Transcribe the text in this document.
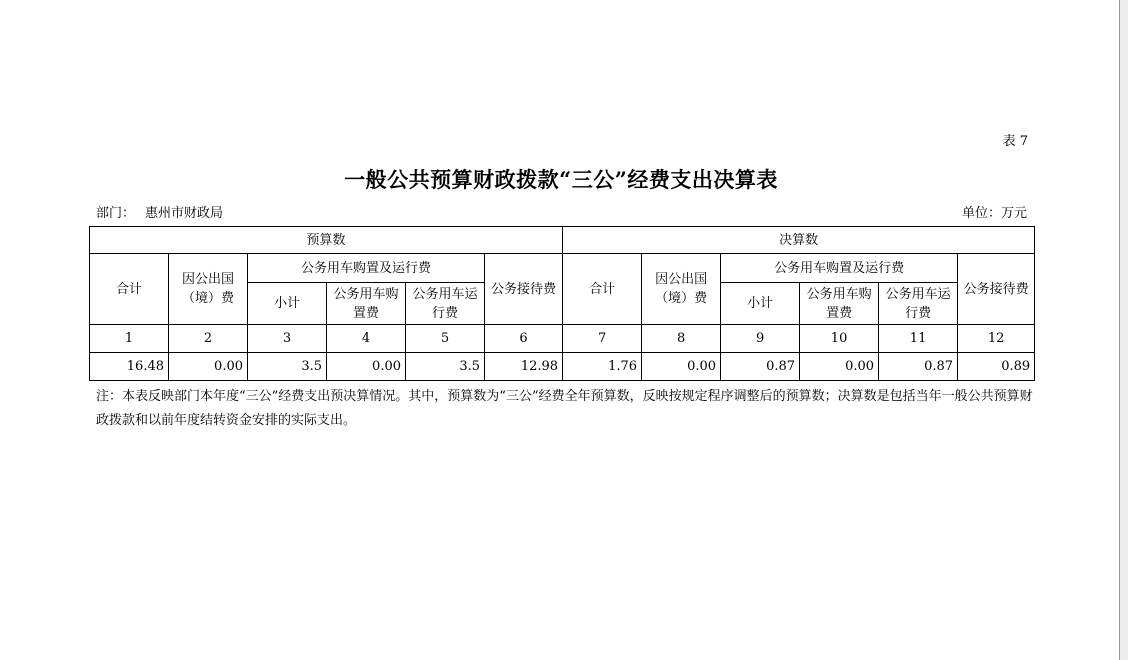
表 7
一般公共预算财政拨款“三公”经费支出决算表
部门： 惠州市财政局	单位：万元
预算数						决算数					
合计	因公出国（境）费	公务用车购置及运行费			公务接待费	合计	因公出国（境）费	公务用车购置及运行费			公务接待费
		小计	公务用车购置费	公务用车运行费				小计	公务用车购置费	公务用车运行费	
1	2	3	4	5	6	7	8	9	10	11	12
16.48	0.00	3.5	0.00	3.5	12.98	1.76	0.00	0.87	0.00	0.87	0.89
注：本表反映部门本年度“三公”经费支出预决算情况。其中，预算数为“三公”经费全年预算数，反映按规定程序调整后的预算数；决算数是包括当年一般公共预算财政拨款和以前年度结转资金安排的实际支出。
